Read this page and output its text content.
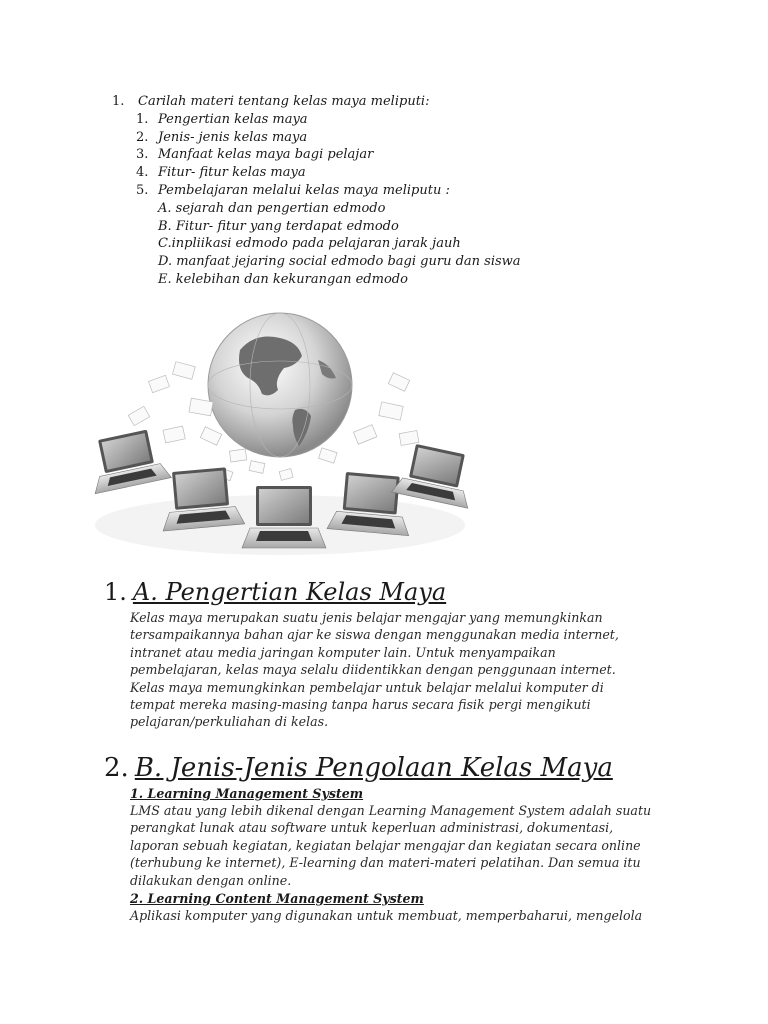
1. Carilah materi tentang kelas maya meliputi:
1. Pengertian kelas maya
2. Jenis- jenis kelas maya
3. Manfaat kelas maya bagi pelajar
4. Fitur- fitur kelas maya
5. Pembelajaran melalui kelas maya meliputu :
A. sejarah dan pengertian edmodo
B. Fitur- fitur yang terdapat edmodo
C.inpliikasi edmodo pada pelajaran jarak jauh
D. manfaat jejaring social edmodo bagi guru dan siswa
E. kelebihan dan kekurangan edmodo
1. A. Pengertian Kelas Maya
Kelas maya merupakan suatu jenis belajar mengajar yang memungkinkan
tersampaikannya bahan ajar ke siswa dengan menggunakan media internet,
intranet atau media jaringan komputer lain. Untuk menyampaikan
pembelajaran, kelas maya selalu diidentikkan dengan penggunaan internet.
Kelas maya memungkinkan pembelajar untuk belajar melalui komputer di
tempat mereka masing-masing tanpa harus secara fisik pergi mengikuti
pelajaran/perkuliahan di kelas.
2. B. Jenis-Jenis Pengolaan Kelas Maya
1. Learning Management System
LMS atau yang lebih dikenal dengan Learning Management System adalah suatu
perangkat lunak atau software untuk keperluan administrasi, dokumentasi,
laporan sebuah kegiatan, kegiatan belajar mengajar dan kegiatan secara online
(terhubung ke internet), E-learning dan materi-materi pelatihan. Dan semua itu
dilakukan dengan online.
2. Learning Content Management System
Aplikasi komputer yang digunakan untuk membuat, memperbaharui, mengelola
